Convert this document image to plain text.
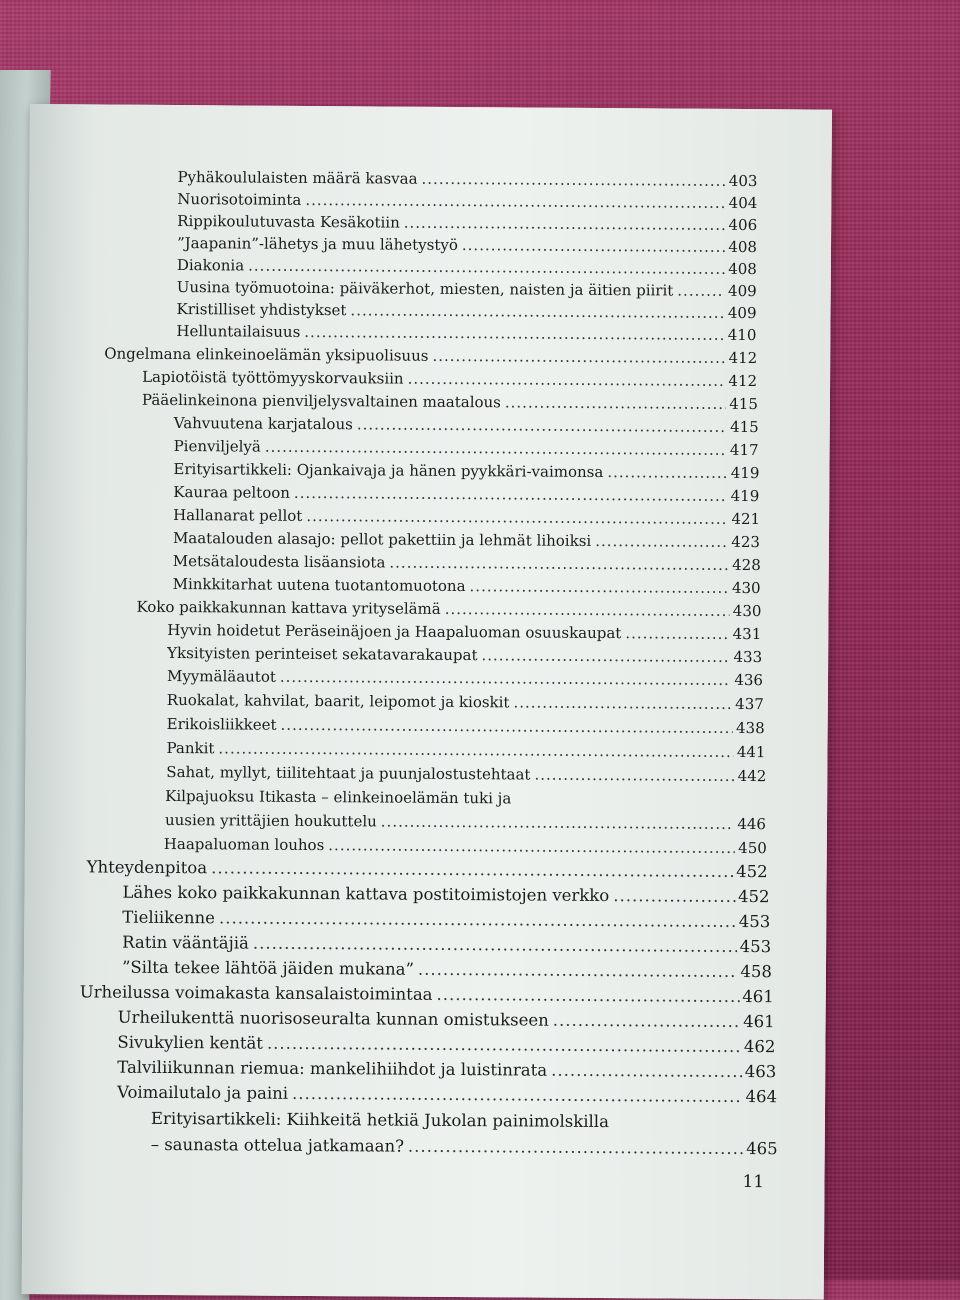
Pyhäkoululaisten määrä kasvaa .....	403
Nuorisotoiminta .....	404
Rippikoulutuvasta Kesäkotiin .....	406
”Jaapanin”-lähetys ja muu lähetystyö .....	408
Diakonia .....	408
Uusina työmuotoina: päiväkerhot, miesten, naisten ja äitien piirit .....	409
Kristilliset yhdistykset .....	409
Helluntailaisuus .....	410
Ongelmana elinkeinoelämän yksipuolisuus .....	412
Lapiotöistä työttömyyskorvauksiin .....	412
Pääelinkeinona pienviljelysvaltainen maatalous .....	415
Vahvuutena karjatalous .....	415
Pienviljelyä .....	417
Erityisartikkeli: Ojankaivaja ja hänen pyykkäri-vaimonsa .....	419
Kauraa peltoon .....	419
Hallanarat pellot .....	421
Maatalouden alasajo: pellot pakettiin ja lehmät lihoiksi .....	423
Metsätaloudesta lisäansiota .....	428
Minkkitarhat uutena tuotantomuotona .....	430
Koko paikkakunnan kattava yrityselämä .....	430
Hyvin hoidetut Peräseinäjoen ja Haapaluoman osuuskaupat .....	431
Yksityisten perinteiset sekatavarakaupat .....	433
Myymäläautot .....	436
Ruokalat, kahvilat, baarit, leipomot ja kioskit .....	437
Erikoisliikkeet .....	438
Pankit .....	441
Sahat, myllyt, tiilitehtaat ja puunjalostustehtaat .....	442
Kilpajuoksu Itikasta – elinkeinoelämän tuki ja
uusien yrittäjien houkuttelu .....	446
Haapaluoman louhos .....	450
Yhteydenpitoa .....	452
Lähes koko paikkakunnan kattava postitoimistojen verkko .....	452
Tieliikenne .....	453
Ratin vääntäjiä .....	453
”Silta tekee lähtöä jäiden mukana” .....	458
Urheilussa voimakasta kansalaistoimintaa .....	461
Urheilukenttä nuorisoseuralta kunnan omistukseen .....	461
Sivukylien kentät .....	462
Talviliikunnan riemua: mankelihiihdot ja luistinrata .....	463
Voimailutalo ja paini .....	464
Erityisartikkeli: Kiihkeitä hetkiä Jukolan painimolskilla
– saunasta ottelua jatkamaan? .....	465
11
